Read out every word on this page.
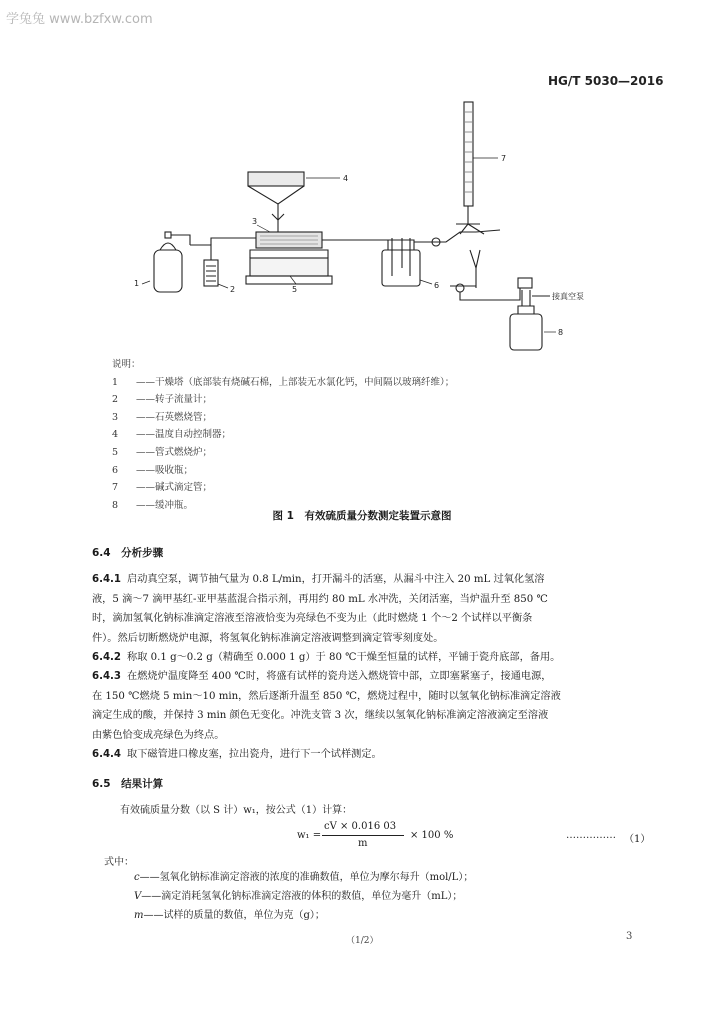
学兔兔 www.bzfxw.com
HG/T 5030—2016
1
2
3
4
5	6
7
8
接真空泵
说明：
1	——干燥塔（底部装有烧碱石棉，上部装无水氯化钙，中间隔以玻璃纤维）；
2	——转子流量计；
3	——石英燃烧管；
4	——温度自动控制器；
5	——管式燃烧炉；
6	——吸收瓶；
7	——碱式滴定管；
8	——缓冲瓶。
图 1　有效硫质量分数测定装置示意图
6.4　分析步骤
6.4.1 启动真空泵，调节抽气量为 0.8 L/min，打开漏斗的活塞，从漏斗中注入 20 mL 过氧化氢溶
液，5 滴～7 滴甲基红-亚甲基蓝混合指示剂，再用约 80 mL 水冲洗，关闭活塞，当炉温升至 850 ℃
时，滴加氢氧化钠标准滴定溶液至溶液恰变为亮绿色不变为止（此时燃烧 1 个～2 个试样以平衡条
件）。然后切断燃烧炉电源，将氢氧化钠标准滴定溶液调整到滴定管零刻度处。
6.4.2 称取 0.1 g～0.2 g（精确至 0.000 1 g）于 80 ℃干燥至恒量的试样，平铺于瓷舟底部，备用。
6.4.3 在燃烧炉温度降至 400 ℃时，将盛有试样的瓷舟送入燃烧管中部，立即塞紧塞子，接通电源，
在 150 ℃燃烧 5 min～10 min，然后逐渐升温至 850 ℃，燃烧过程中，随时以氢氧化钠标准滴定溶液
滴定生成的酸，并保持 3 min 颜色无变化。冲洗支管 3 次，继续以氢氧化钠标准滴定溶液滴定至溶液
由紫色恰变成亮绿色为终点。
6.4.4 取下磁管进口橡皮塞，拉出瓷舟，进行下一个试样测定。
6.5　结果计算
有效硫质量分数（以 S 计）w₁，按公式（1）计算：
w₁ =
cV × 0.016 03
m
× 100 %	…………… （1）
式中：
c——氢氧化钠标准滴定溶液的浓度的准确数值，单位为摩尔每升（mol/L）；
V——滴定消耗氢氧化钠标准滴定溶液的体积的数值，单位为毫升（mL）；
m——试样的质量的数值，单位为克（g）；
（1/2）	3
